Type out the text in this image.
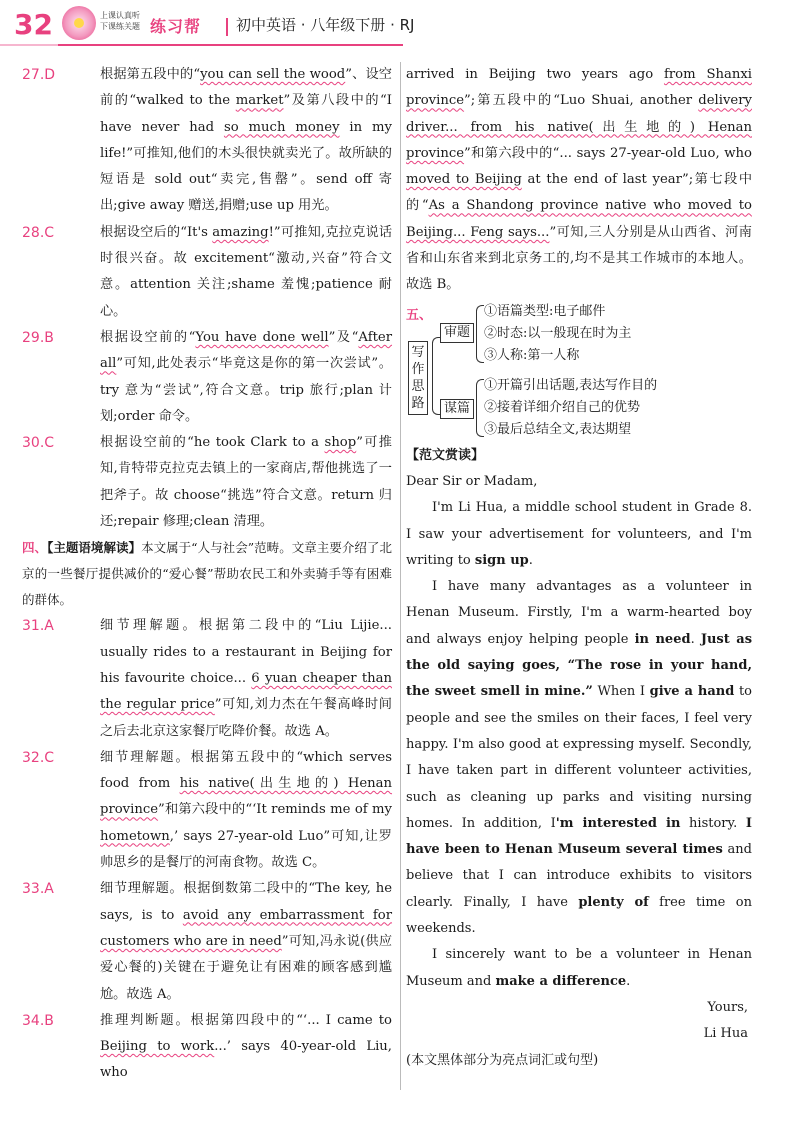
32	上课认真听 下课练关题 练习帮 初中英语 · 八年级下册 · RJ
27.D	根据第五段中的“you can sell the wood”、设空前的“walked to the market”及第八段中的“I have never had so much money in my life!”可推知,他们的木头很快就卖光了。故所缺的短语是 sold out“卖完,售罄”。send off 寄出;give away 赠送,捐赠;use up 用光。
28.C	根据设空后的“It's amazing!”可推知,克拉克说话时很兴奋。故 excitement“激动,兴奋”符合文意。attention 关注;shame 羞愧;patience 耐心。
29.B	根据设空前的“You have done well”及“After all”可知,此处表示“毕竟这是你的第一次尝试”。try 意为“尝试”,符合文意。trip 旅行;plan 计划;order 命令。
30.C	根据设空前的“he took Clark to a shop”可推知,肯特带克拉克去镇上的一家商店,帮他挑选了一把斧子。故 choose“挑选”符合文意。return 归还;repair 修理;clean 清理。
四、【主题语境解读】本文属于“人与社会”范畴。文章主要介绍了北京的一些餐厅提供减价的“爱心餐”帮助农民工和外卖骑手等有困难的群体。
31.A	细节理解题。根据第二段中的“Liu Lijie... usually rides to a restaurant in Beijing for his favourite choice... 6 yuan cheaper than the regular price”可知,刘力杰在午餐高峰时间之后去北京这家餐厅吃降价餐。故选 A。
32.C	细节理解题。根据第五段中的“which serves food from his native(出生地的) Henan province”和第六段中的“‘It reminds me of my hometown,’ says 27-year-old Luo”可知,让罗帅思乡的是餐厅的河南食物。故选 C。
33.A	细节理解题。根据倒数第二段中的“The key, he says, is to avoid any embarrassment for customers who are in need”可知,冯永说(供应爱心餐的)关键在于避免让有困难的顾客感到尴尬。故选 A。
34.B	推理判断题。根据第四段中的“‘... I came to Beijing to work...’ says 40-year-old Liu, who
arrived in Beijing two years ago from Shanxi province”;第五段中的“Luo Shuai, another delivery driver... from his native(出生地的) Henan province”和第六段中的“... says 27-year-old Luo, who moved to Beijing at the end of last year”;第七段中的“As a Shandong province native who moved to Beijing... Feng says...”可知,三人分别是从山西省、河南省和山东省来到北京务工的,均不是其工作城市的本地人。故选 B。
五、
写作思路
审题
①语篇类型:电子邮件
②时态:以一般现在时为主
③人称:第一人称
谋篇
①开篇引出话题,表达写作目的
②接着详细介绍自己的优势
③最后总结全文,表达期望
【范文赏读】
Dear Sir or Madam,
I'm Li Hua, a middle school student in Grade 8. I saw your advertisement for volunteers, and I'm writing to sign up.
I have many advantages as a volunteer in Henan Museum. Firstly, I'm a warm-hearted boy and always enjoy helping people in need. Just as the old saying goes, “The rose in your hand, the sweet smell in mine.” When I give a hand to people and see the smiles on their faces, I feel very happy. I'm also good at expressing myself. Secondly, I have taken part in different volunteer activities, such as cleaning up parks and visiting nursing homes. In addition, I'm interested in history. I have been to Henan Museum several times and believe that I can introduce exhibits to visitors clearly. Finally, I have plenty of free time on weekends.
I sincerely want to be a volunteer in Henan Museum and make a difference.
Yours,
Li Hua
(本文黑体部分为亮点词汇或句型)
